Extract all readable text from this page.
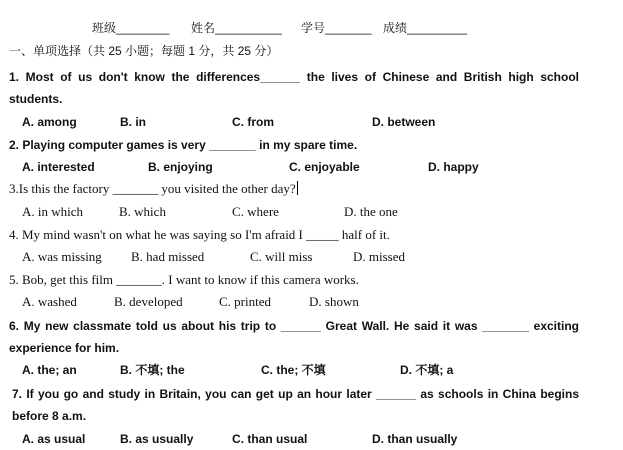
班级________ 姓名__________ 学号_______ 成绩_________
一、单项选择（共 25 小题；每题 1 分，共 25 分）
1. Most of us don't know the differences______ the lives of Chinese and British high school
students.
A. among	B. in	C. from	D. between
2. Playing computer games is very _______ in my spare time.
A. interested	B. enjoying	C. enjoyable	D. happy
3.Is this the factory _______ you visited the other day?
A. in which	B. which	C. where	D. the one
4. My mind wasn't on what he was saying so I'm afraid I _____ half of it.
A. was missing B. had missed	C. will miss	D. missed
5. Bob, get this film _______. I want to know if this camera works.
A. washed	B. developed	C. printed	D. shown
6. My new classmate told us about his trip to ______ Great Wall. He said it was _______ exciting
experience for him.
A. the; an	B. 不填; the	C. the; 不填	D. 不填; a
7. If you go and study in Britain, you can get up an hour later ______ as schools in China begins
before 8 a.m.
A. as usual	B. as usually	C. than usual	D. than usually
